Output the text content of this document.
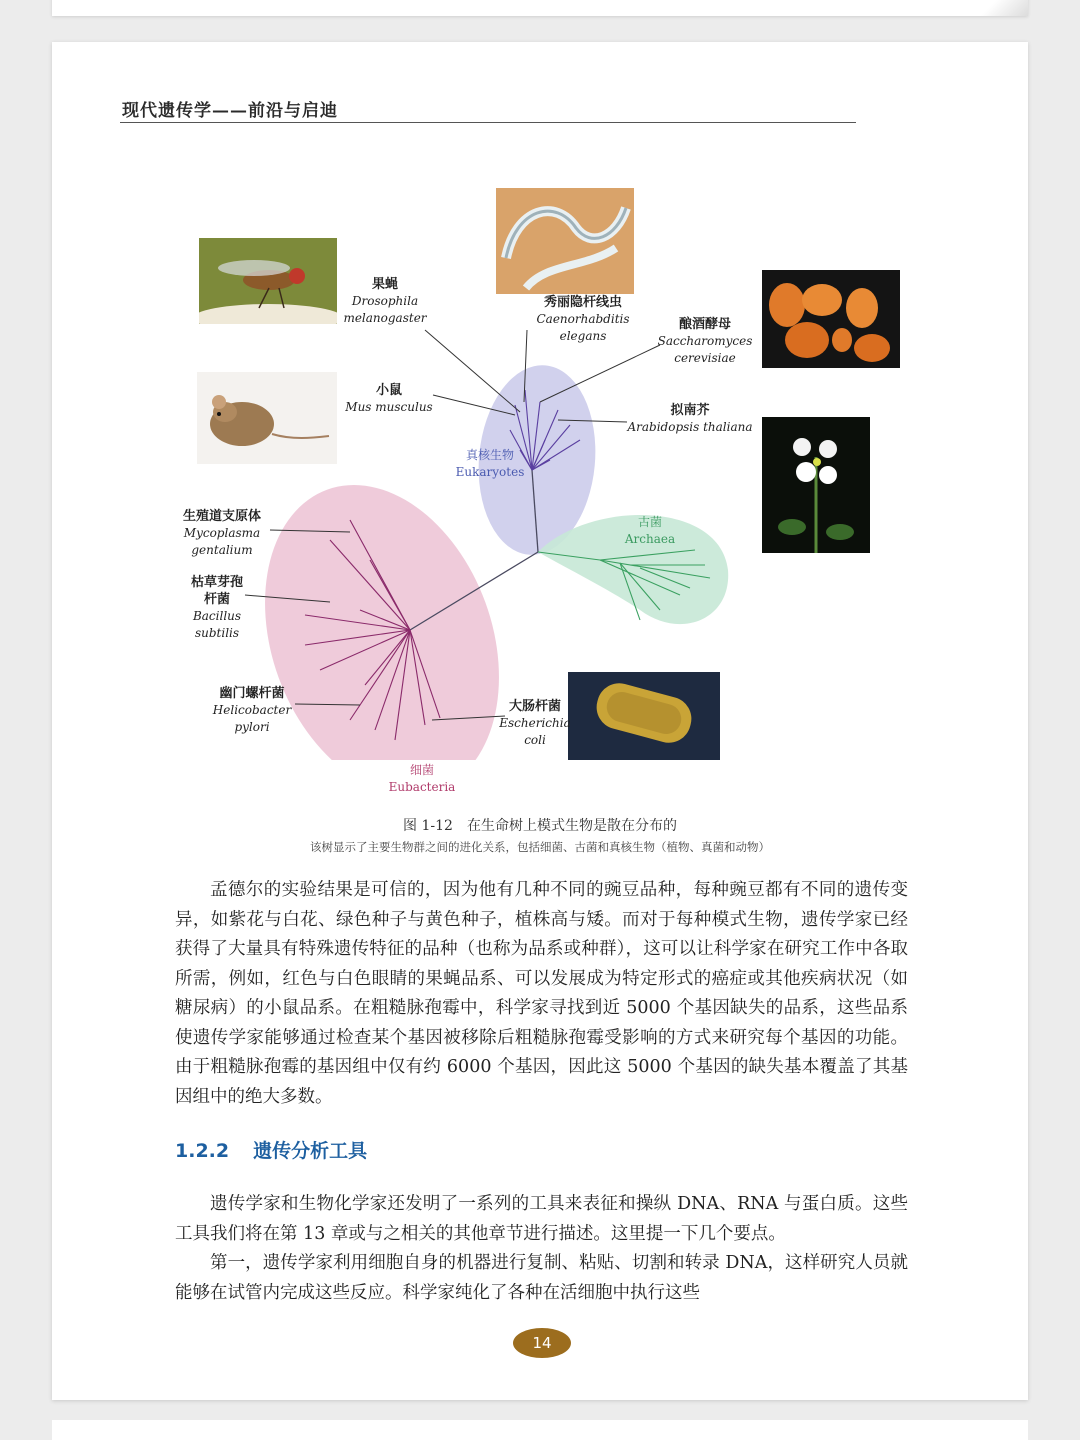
现代遗传学——前沿与启迪
果蝇
Drosophila
melanogaster
秀丽隐杆线虫
Caenorhabditis
elegans
酿酒酵母
Saccharomyces
cerevisiae
小鼠
Mus musculus	拟南芥
Arabidopsis thaliana
生殖道支原体
Mycoplasma
gentalium
枯草芽孢
杆菌
Bacillus
subtilis
幽门螺杆菌
Helicobacter
pylori
大肠杆菌
Escherichia
coli
真核生物
Eukaryotes
古菌
Archaea
细菌
Eubacteria
图 1-12　在生命树上模式生物是散在分布的
该树显示了主要生物群之间的进化关系，包括细菌、古菌和真核生物（植物、真菌和动物）

孟德尔的实验结果是可信的，因为他有几种不同的豌豆品种，每种豌豆都有不同的遗传变异，如紫花与白花、绿色种子与黄色种子，植株高与矮。而对于每种模式生物，遗传学家已经获得了大量具有特殊遗传特征的品种（也称为品系或种群），这可以让科学家在研究工作中各取所需，例如，红色与白色眼睛的果蝇品系、可以发展成为特定形式的癌症或其他疾病状况（如糖尿病）的小鼠品系。在粗糙脉孢霉中，科学家寻找到近 5000 个基因缺失的品系，这些品系使遗传学家能够通过检查某个基因被移除后粗糙脉孢霉受影响的方式来研究每个基因的功能。由于粗糙脉孢霉的基因组中仅有约 6000 个基因，因此这 5000 个基因的缺失基本覆盖了其基因组中的绝大多数。

1.2.2 遗传分析工具

遗传学家和生物化学家还发明了一系列的工具来表征和操纵 DNA、RNA 与蛋白质。这些工具我们将在第 13 章或与之相关的其他章节进行描述。这里提一下几个要点。

第一，遗传学家利用细胞自身的机器进行复制、粘贴、切割和转录 DNA，这样研究人员就能够在试管内完成这些反应。科学家纯化了各种在活细胞中执行这些

14
